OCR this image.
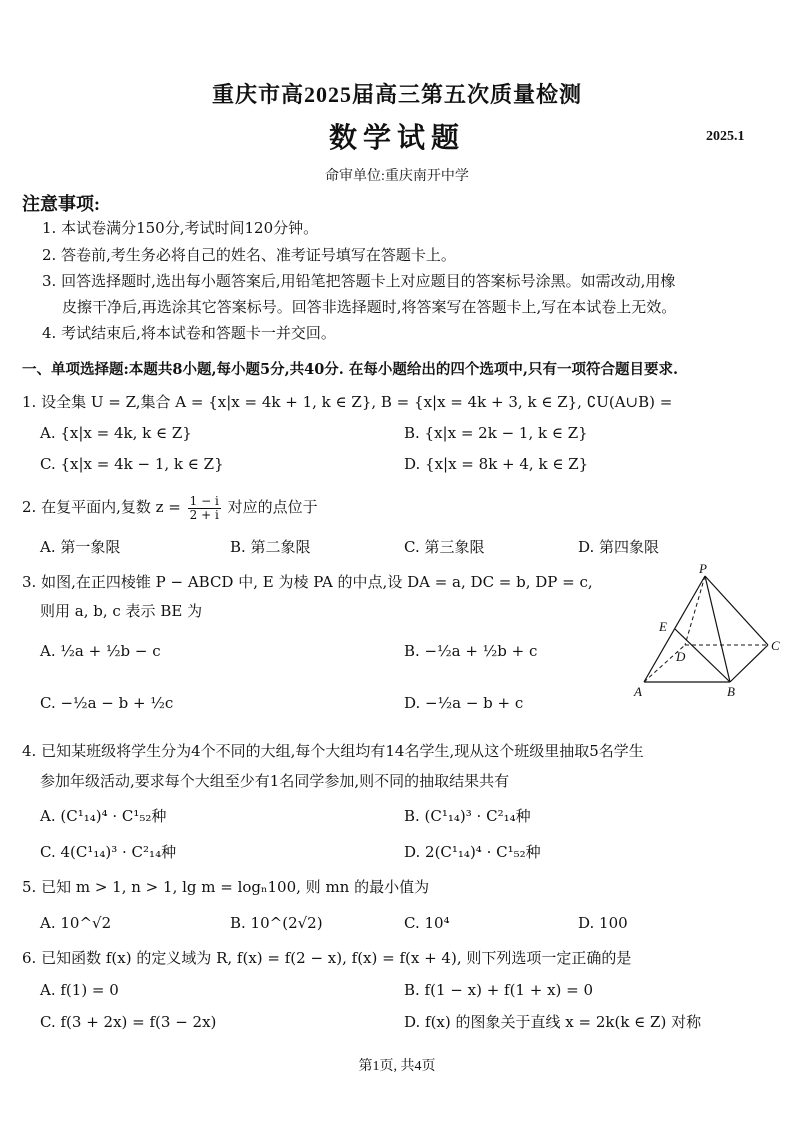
重庆市高2025届高三第五次质量检测
数学试题	2025.1
命审单位:重庆南开中学
注意事项:
1. 本试卷满分150分,考试时间120分钟。
2. 答卷前,考生务必将自己的姓名、准考证号填写在答题卡上。
3. 回答选择题时,选出每小题答案后,用铅笔把答题卡上对应题目的答案标号涂黑。如需改动,用橡
皮擦干净后,再选涂其它答案标号。回答非选择题时,将答案写在答题卡上,写在本试卷上无效。
4. 考试结束后,将本试卷和答题卡一并交回。
一、单项选择题:本题共8小题,每小题5分,共40分. 在每小题给出的四个选项中,只有一项符合题目要求.
1. 设全集 U = Z,集合 A = {x|x = 4k + 1, k ∈ Z}, B = {x|x = 4k + 3, k ∈ Z}, ∁U(A∪B) =
A. {x|x = 4k, k ∈ Z}	B. {x|x = 2k − 1, k ∈ Z}
C. {x|x = 4k − 1, k ∈ Z}	D. {x|x = 8k + 4, k ∈ Z}
2. 在复平面内,复数 $z = \frac{1 - i}{2 + i}$ 对应的点位于
A. 第一象限	B. 第二象限	C. 第三象限	D. 第四象限
3. 如图,在正四棱锥 P − ABCD 中, E 为棱 PA 的中点,设 DA = a, DC = b, DP = c,
则用 a, b, c 表示 BE 为
A. ½a + ½b − c	B. −½a + ½b + c
C. −½a − b + ½c	D. −½a − b + c
P
E
D
C
A	B
4. 已知某班级将学生分为4个不同的大组,每个大组均有14名学生,现从这个班级里抽取5名学生
参加年级活动,要求每个大组至少有1名同学参加,则不同的抽取结果共有
A. (C¹₁₄)⁴ · C¹₅₂种	B. (C¹₁₄)³ · C²₁₄种
C. 4(C¹₁₄)³ · C²₁₄种	D. 2(C¹₁₄)⁴ · C¹₅₂种
5. 已知 m > 1, n > 1, lg m = logₙ100, 则 mn 的最小值为
A. 10^√2	B. 10^(2√2)	C. 10⁴	D. 100
6. 已知函数 f(x) 的定义域为 R, f(x) = f(2 − x), f(x) = f(x + 4), 则下列选项一定正确的是
A. f(1) = 0	B. f(1 − x) + f(1 + x) = 0
C. f(3 + 2x) = f(3 − 2x)	D. f(x) 的图象关于直线 x = 2k(k ∈ Z) 对称
第1页, 共4页
